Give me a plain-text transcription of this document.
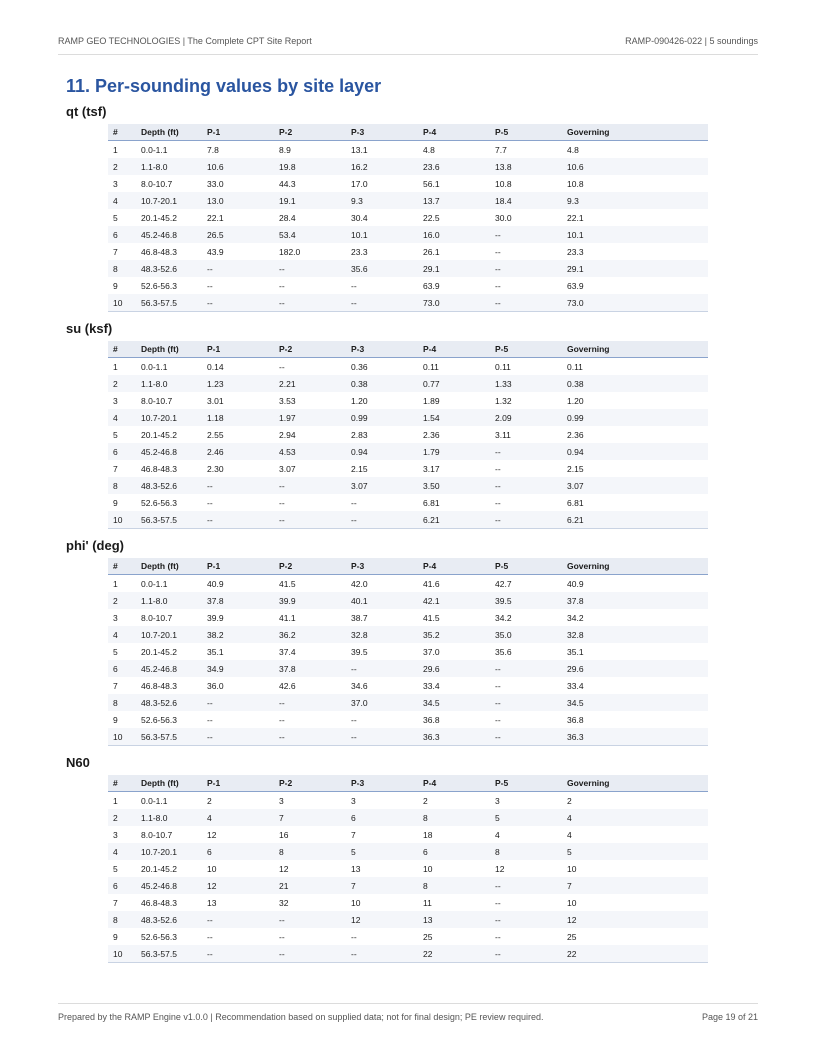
RAMP GEO TECHNOLOGIES | The Complete CPT Site Report	RAMP-090426-022 | 5 soundings
11. Per-sounding values by site layer
qt (tsf)
#	Depth (ft)	P-1	P-2	P-3	P-4	P-5	Governing
1	0.0-1.1	7.8	8.9	13.1	4.8	7.7	4.8
2	1.1-8.0	10.6	19.8	16.2	23.6	13.8	10.6
3	8.0-10.7	33.0	44.3	17.0	56.1	10.8	10.8
4	10.7-20.1	13.0	19.1	9.3	13.7	18.4	9.3
5	20.1-45.2	22.1	28.4	30.4	22.5	30.0	22.1
6	45.2-46.8	26.5	53.4	10.1	16.0	--	10.1
7	46.8-48.3	43.9	182.0	23.3	26.1	--	23.3
8	48.3-52.6	--	--	35.6	29.1	--	29.1
9	52.6-56.3	--	--	--	63.9	--	63.9
10	56.3-57.5	--	--	--	73.0	--	73.0
su (ksf)
#	Depth (ft)	P-1	P-2	P-3	P-4	P-5	Governing
1	0.0-1.1	0.14	--	0.36	0.11	0.11	0.11
2	1.1-8.0	1.23	2.21	0.38	0.77	1.33	0.38
3	8.0-10.7	3.01	3.53	1.20	1.89	1.32	1.20
4	10.7-20.1	1.18	1.97	0.99	1.54	2.09	0.99
5	20.1-45.2	2.55	2.94	2.83	2.36	3.11	2.36
6	45.2-46.8	2.46	4.53	0.94	1.79	--	0.94
7	46.8-48.3	2.30	3.07	2.15	3.17	--	2.15
8	48.3-52.6	--	--	3.07	3.50	--	3.07
9	52.6-56.3	--	--	--	6.81	--	6.81
10	56.3-57.5	--	--	--	6.21	--	6.21
phi' (deg)
#	Depth (ft)	P-1	P-2	P-3	P-4	P-5	Governing
1	0.0-1.1	40.9	41.5	42.0	41.6	42.7	40.9
2	1.1-8.0	37.8	39.9	40.1	42.1	39.5	37.8
3	8.0-10.7	39.9	41.1	38.7	41.5	34.2	34.2
4	10.7-20.1	38.2	36.2	32.8	35.2	35.0	32.8
5	20.1-45.2	35.1	37.4	39.5	37.0	35.6	35.1
6	45.2-46.8	34.9	37.8	--	29.6	--	29.6
7	46.8-48.3	36.0	42.6	34.6	33.4	--	33.4
8	48.3-52.6	--	--	37.0	34.5	--	34.5
9	52.6-56.3	--	--	--	36.8	--	36.8
10	56.3-57.5	--	--	--	36.3	--	36.3
N60
#	Depth (ft)	P-1	P-2	P-3	P-4	P-5	Governing
1	0.0-1.1	2	3	3	2	3	2
2	1.1-8.0	4	7	6	8	5	4
3	8.0-10.7	12	16	7	18	4	4
4	10.7-20.1	6	8	5	6	8	5
5	20.1-45.2	10	12	13	10	12	10
6	45.2-46.8	12	21	7	8	--	7
7	46.8-48.3	13	32	10	11	--	10
8	48.3-52.6	--	--	12	13	--	12
9	52.6-56.3	--	--	--	25	--	25
10	56.3-57.5	--	--	--	22	--	22
Prepared by the RAMP Engine v1.0.0 | Recommendation based on supplied data; not for final design; PE review required.	Page 19 of 21
